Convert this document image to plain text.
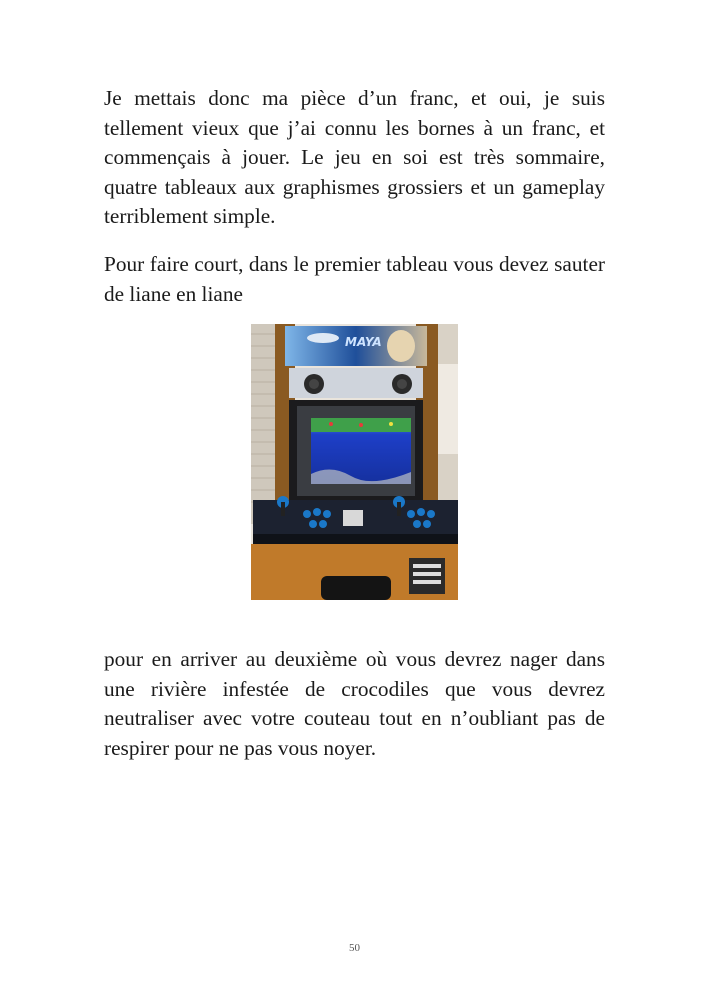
Je mettais donc ma pièce d’un franc, et oui, je suis tellement vieux que j’ai connu les bornes à un franc, et commençais à jouer. Le jeu en soi est très sommaire, quatre tableaux aux graphismes grossiers et un gameplay terriblement simple.

Pour faire court, dans le premier tableau vous devez sauter de liane en liane

MAYA

pour en arriver au deuxième où vous devrez nager dans une rivière infestée de crocodiles que vous devrez neutraliser avec votre couteau tout en n’oubliant pas de respirer pour ne pas vous noyer.

50
